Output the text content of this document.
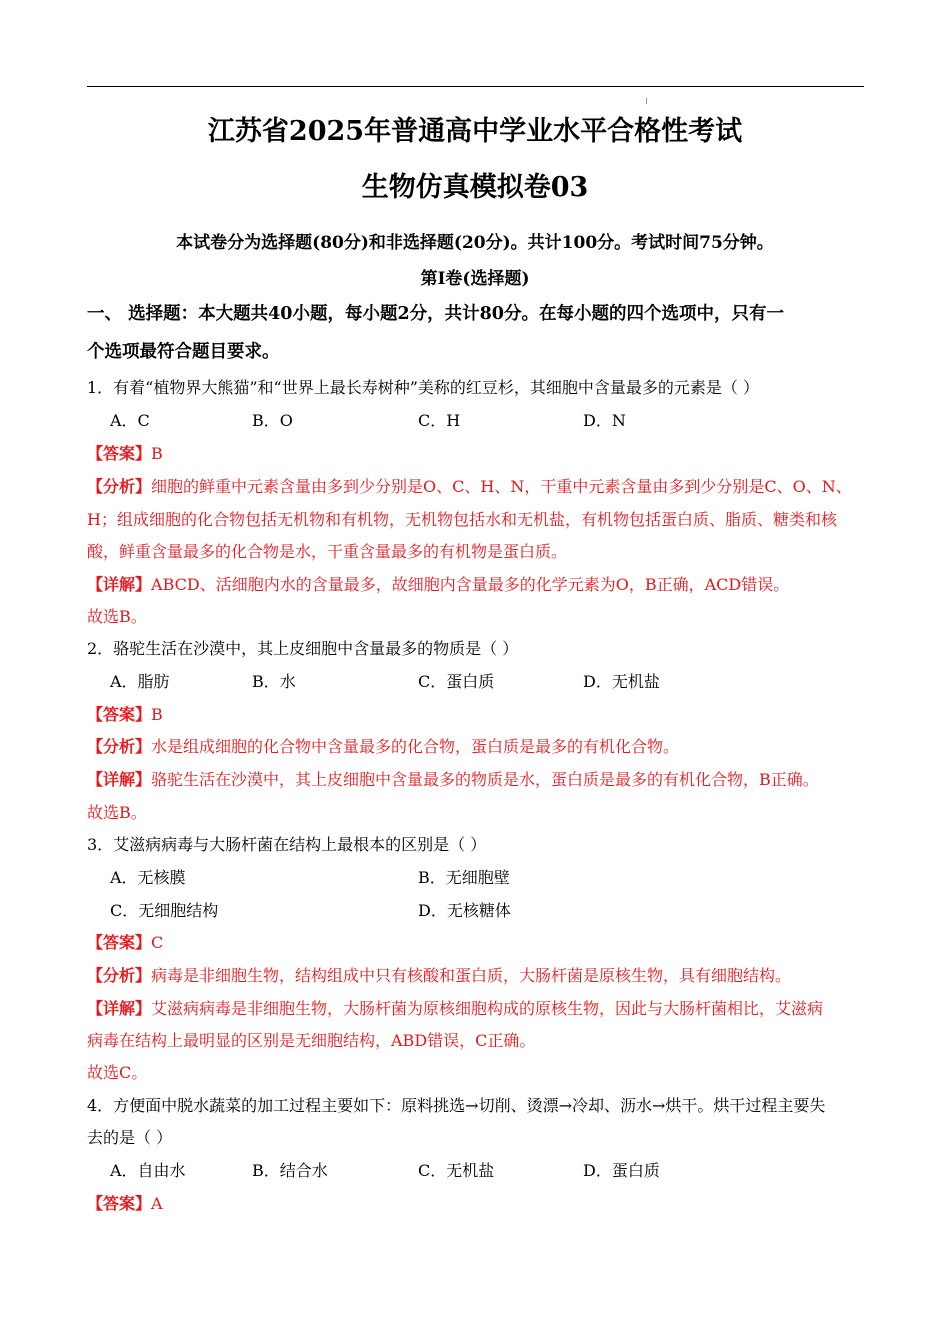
江苏省2025年普通高中学业水平合格性考试
生物仿真模拟卷03
本试卷分为选择题(80分)和非选择题(20分)。共计100分。考试时间75分钟。
第Ⅰ卷(选择题)
一、 选择题：本大题共40小题，每小题2分，共计80分。在每小题的四个选项中，只有一
个选项最符合题目要求。
1．有着“植物界大熊猫”和“世界上最长寿树种”美称的红豆杉，其细胞中含量最多的元素是（ ）
A．C	B．O	C．H	D．N
【答案】B
【分析】细胞的鲜重中元素含量由多到少分别是O、C、H、N，干重中元素含量由多到少分别是C、O、N、
H；组成细胞的化合物包括无机物和有机物，无机物包括水和无机盐，有机物包括蛋白质、脂质、糖类和核
酸，鲜重含量最多的化合物是水，干重含量最多的有机物是蛋白质。
【详解】ABCD、活细胞内水的含量最多，故细胞内含量最多的化学元素为O，B正确，ACD错误。
故选B。
2．骆驼生活在沙漠中，其上皮细胞中含量最多的物质是（ ）
A．脂肪	B．水	C．蛋白质	D．无机盐
【答案】B
【分析】水是组成细胞的化合物中含量最多的化合物，蛋白质是最多的有机化合物。
【详解】骆驼生活在沙漠中，其上皮细胞中含量最多的物质是水，蛋白质是最多的有机化合物，B正确。
故选B。
3．艾滋病病毒与大肠杆菌在结构上最根本的区别是（ ）
A．无核膜	B．无细胞壁
C．无细胞结构	D．无核糖体
【答案】C
【分析】病毒是非细胞生物，结构组成中只有核酸和蛋白质，大肠杆菌是原核生物，具有细胞结构。
【详解】艾滋病病毒是非细胞生物，大肠杆菌为原核细胞构成的原核生物，因此与大肠杆菌相比，艾滋病
病毒在结构上最明显的区别是无细胞结构，ABD错误，C正确。
故选C。
4．方便面中脱水蔬菜的加工过程主要如下：原料挑选→切削、烫漂→冷却、沥水→烘干。烘干过程主要失
去的是（ ）
A．自由水	B．结合水	C．无机盐	D．蛋白质
【答案】A
